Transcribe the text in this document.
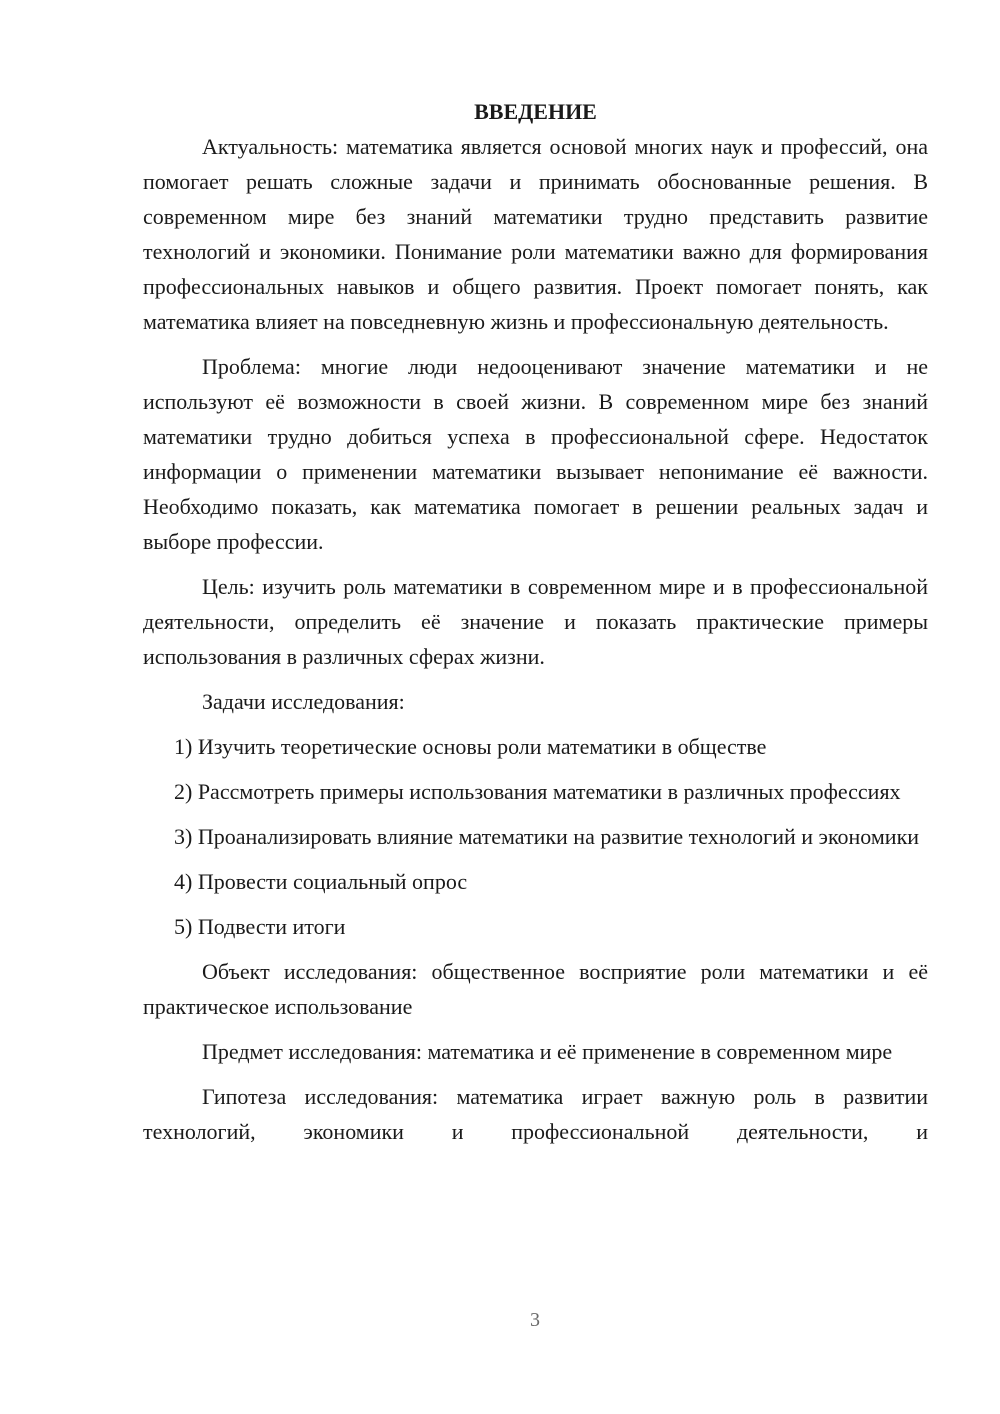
ВВЕДЕНИЕ

Актуальность: математика является основой многих наук и профессий, она помогает решать сложные задачи и принимать обоснованные решения. В современном мире без знаний математики трудно представить развитие технологий и экономики. Понимание роли математики важно для формирования профессиональных навыков и общего развития. Проект помогает понять, как математика влияет на повседневную жизнь и профессиональную деятельность.

Проблема: многие люди недооценивают значение математики и не используют её возможности в своей жизни. В современном мире без знаний математики трудно добиться успеха в профессиональной сфере. Недостаток информации о применении математики вызывает непонимание её важности. Необходимо показать, как математика помогает в решении реальных задач и выборе профессии.

Цель: изучить роль математики в современном мире и в профессиональной деятельности, определить её значение и показать практические примеры использования в различных сферах жизни.

Задачи исследования:

1) Изучить теоретические основы роли математики в обществе

2) Рассмотреть примеры использования математики в различных профессиях

3) Проанализировать влияние математики на развитие технологий и экономики

4) Провести социальный опрос

5) Подвести итоги

Объект исследования: общественное восприятие роли математики и её практическое использование

Предмет исследования: математика и её применение в современном мире

Гипотеза исследования: математика играет важную роль в развитии технологий, экономики и профессиональной деятельности, и

3
